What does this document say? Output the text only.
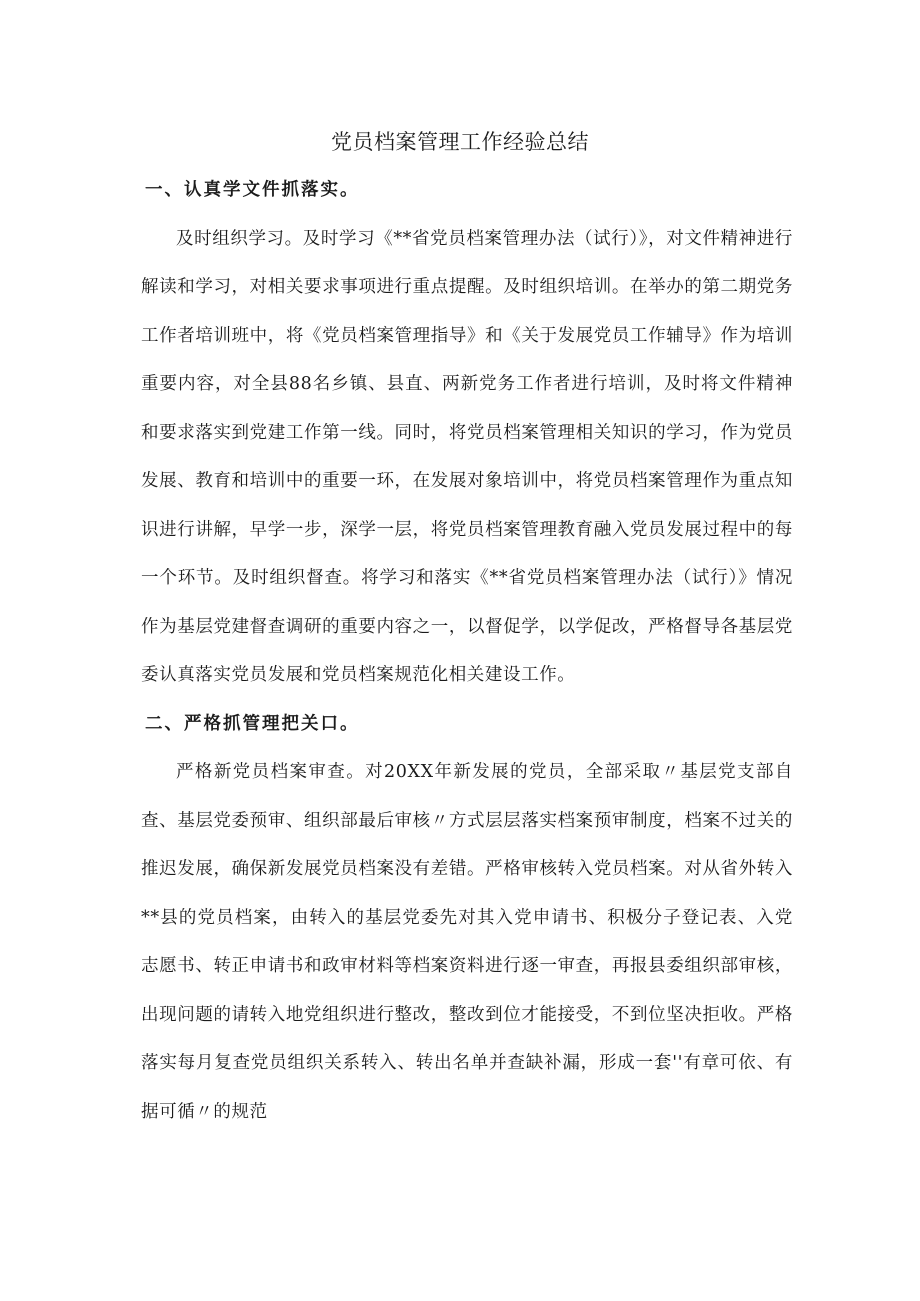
党员档案管理工作经验总结

一、认真学文件抓落实。

及时组织学习。及时学习《**省党员档案管理办法（试行）》，对文件精神进行解读和学习，对相关要求事项进行重点提醒。及时组织培训。在举办的第二期党务工作者培训班中，将《党员档案管理指导》和《关于发展党员工作辅导》作为培训重要内容，对全县88名乡镇、县直、两新党务工作者进行培训，及时将文件精神和要求落实到党建工作第一线。同时，将党员档案管理相关知识的学习，作为党员发展、教育和培训中的重要一环，在发展对象培训中，将党员档案管理作为重点知识进行讲解，早学一步，深学一层，将党员档案管理教育融入党员发展过程中的每一个环节。及时组织督查。将学习和落实《**省党员档案管理办法（试行）》情况作为基层党建督查调研的重要内容之一，以督促学，以学促改，严格督导各基层党委认真落实党员发展和党员档案规范化相关建设工作。

二、严格抓管理把关口。

严格新党员档案审查。对20XX年新发展的党员，全部采取〃基层党支部自查、基层党委预审、组织部最后审核〃方式层层落实档案预审制度，档案不过关的推迟发展，确保新发展党员档案没有差错。严格审核转入党员档案。对从省外转入**县的党员档案，由转入的基层党委先对其入党申请书、积极分子登记表、入党志愿书、转正申请书和政审材料等档案资料进行逐一审查，再报县委组织部审核，出现问题的请转入地党组织进行整改，整改到位才能接受，不到位坚决拒收。严格落实每月复查党员组织关系转入、转出名单并查缺补漏，形成一套''有章可依、有据可循〃的规范
